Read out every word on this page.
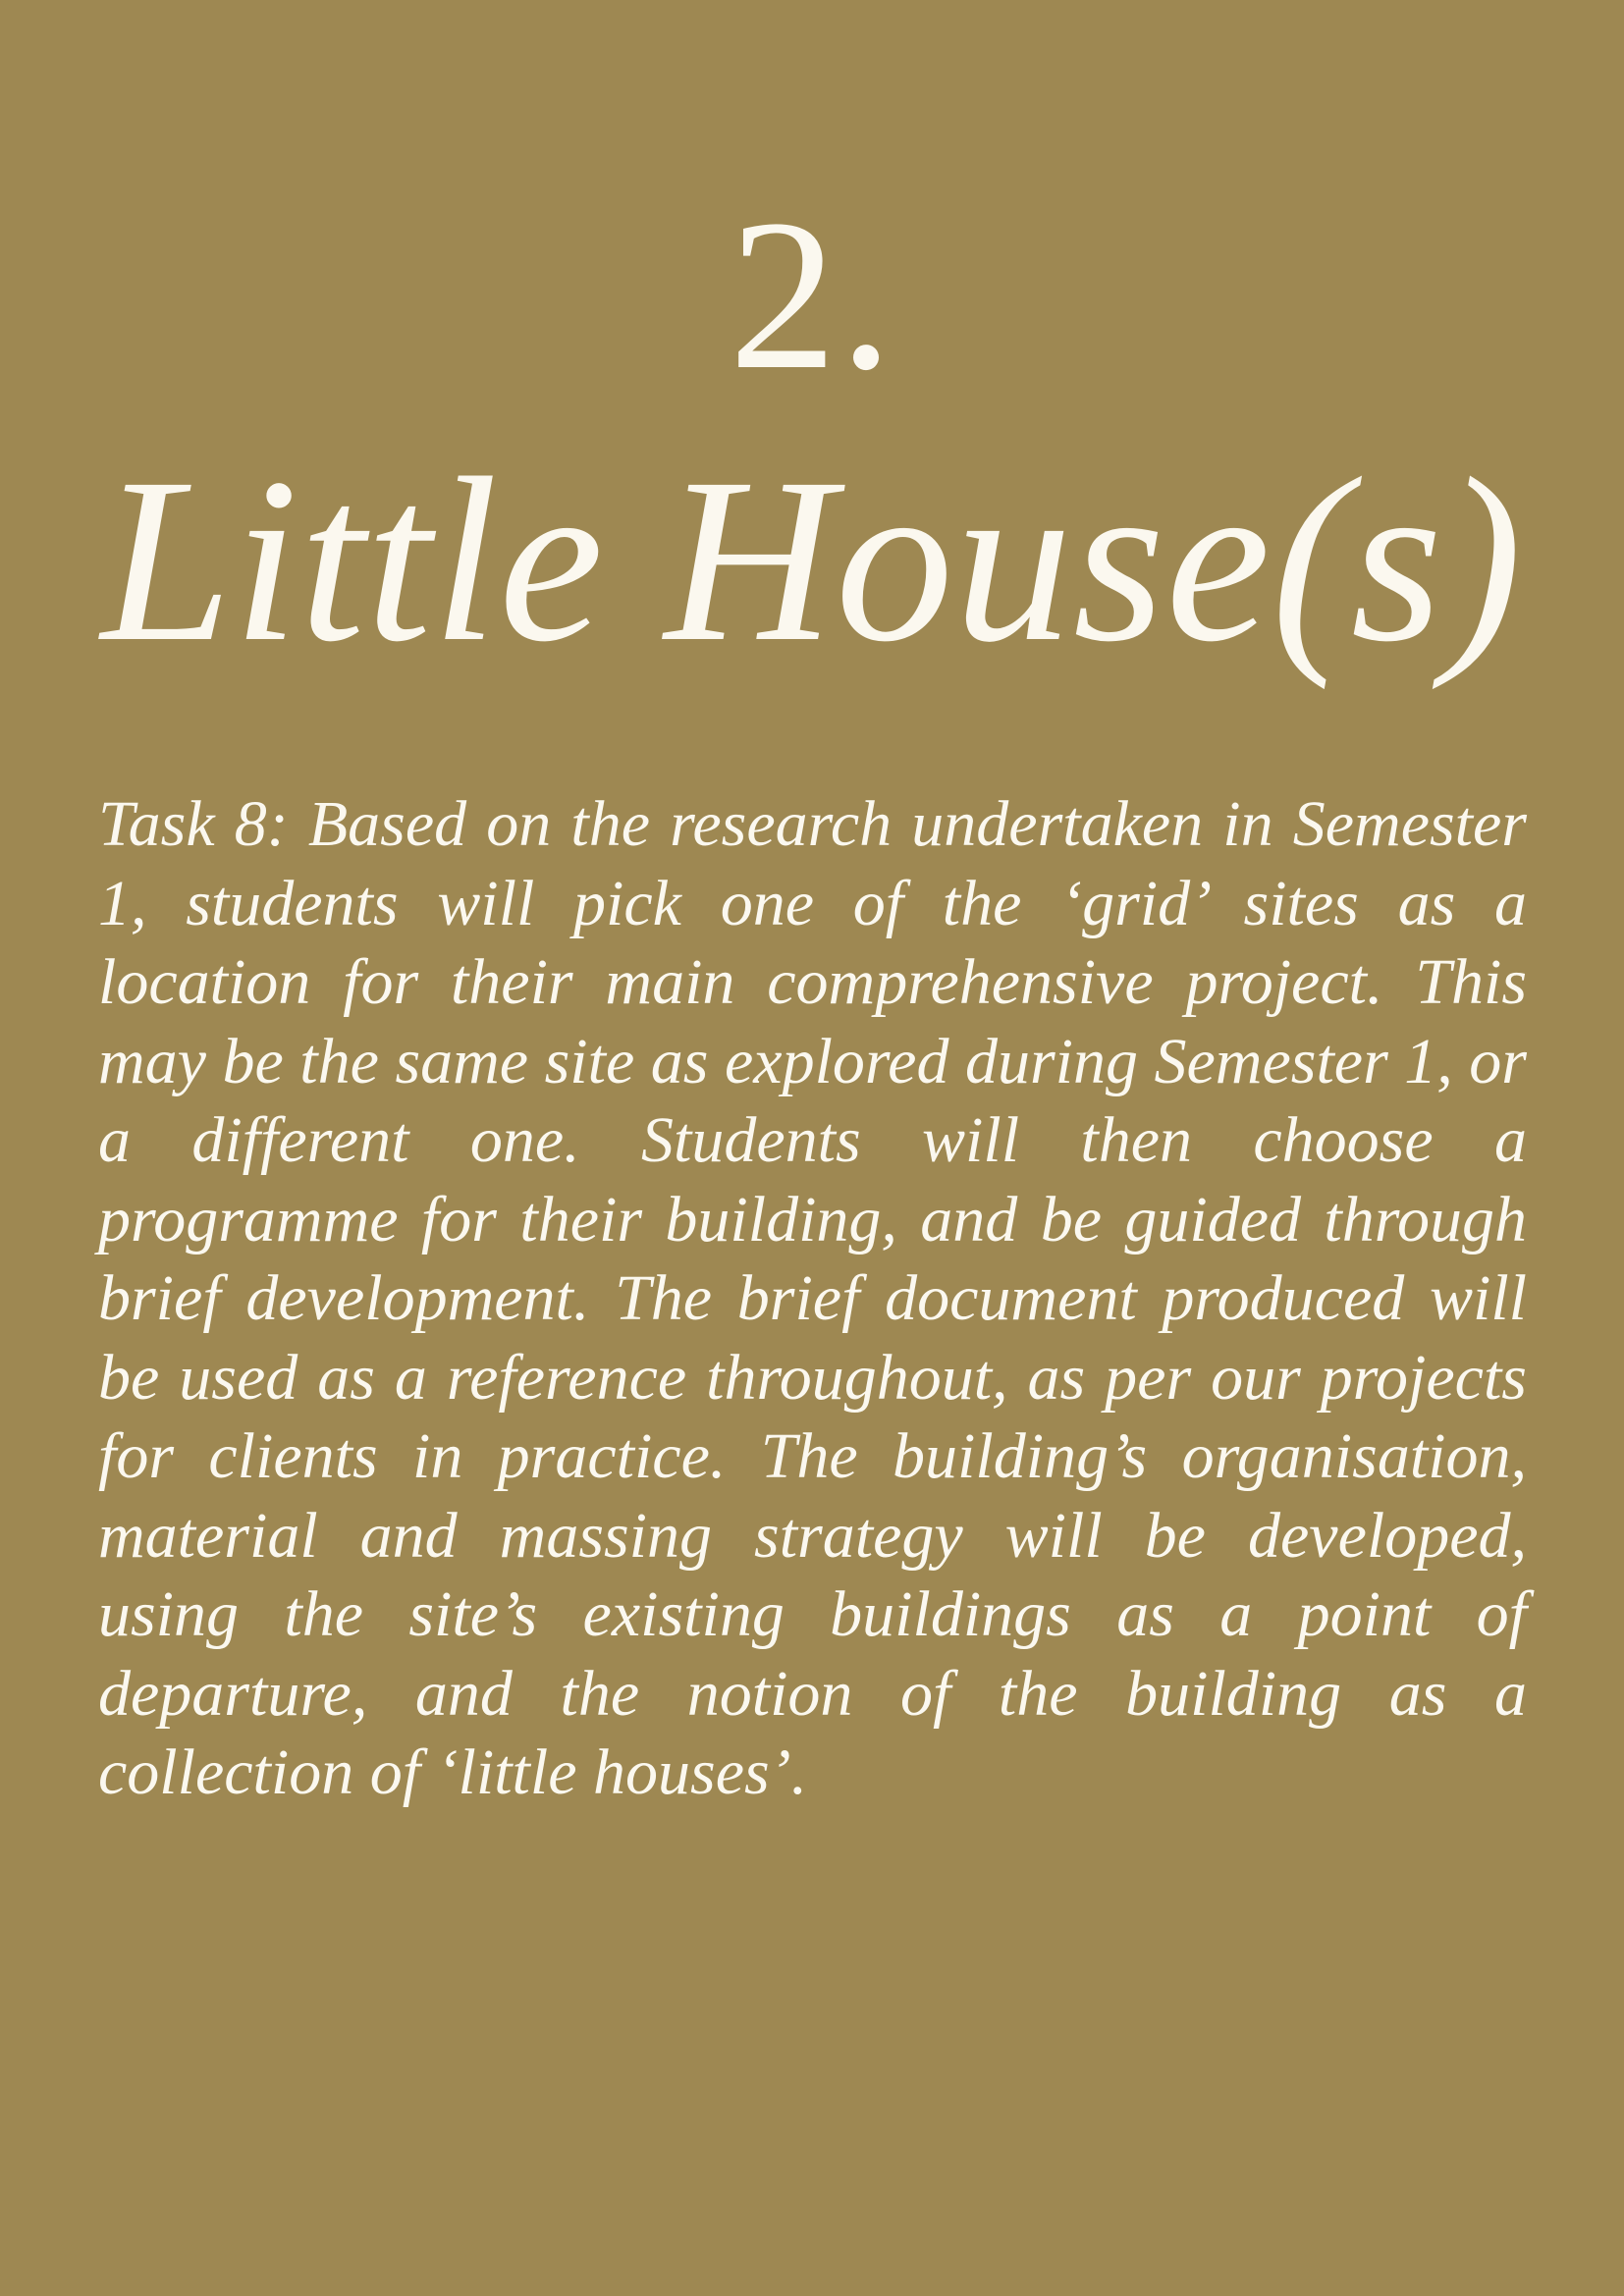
2.
Little House(s)

Task 8: Based on the research undertaken in Semester 1, students will pick one of the ‘grid’ sites as a location for their main comprehensive project. This may be the same site as explored during Semester 1, or a different one. Students will then choose a programme for their building, and be guided through brief development. The brief document produced will be used as a reference throughout, as per our projects for clients in practice. The building’s organisation, material and massing strategy will be developed, using the site’s existing buildings as a point of departure, and the notion of the building as a collection of ‘little houses’.
